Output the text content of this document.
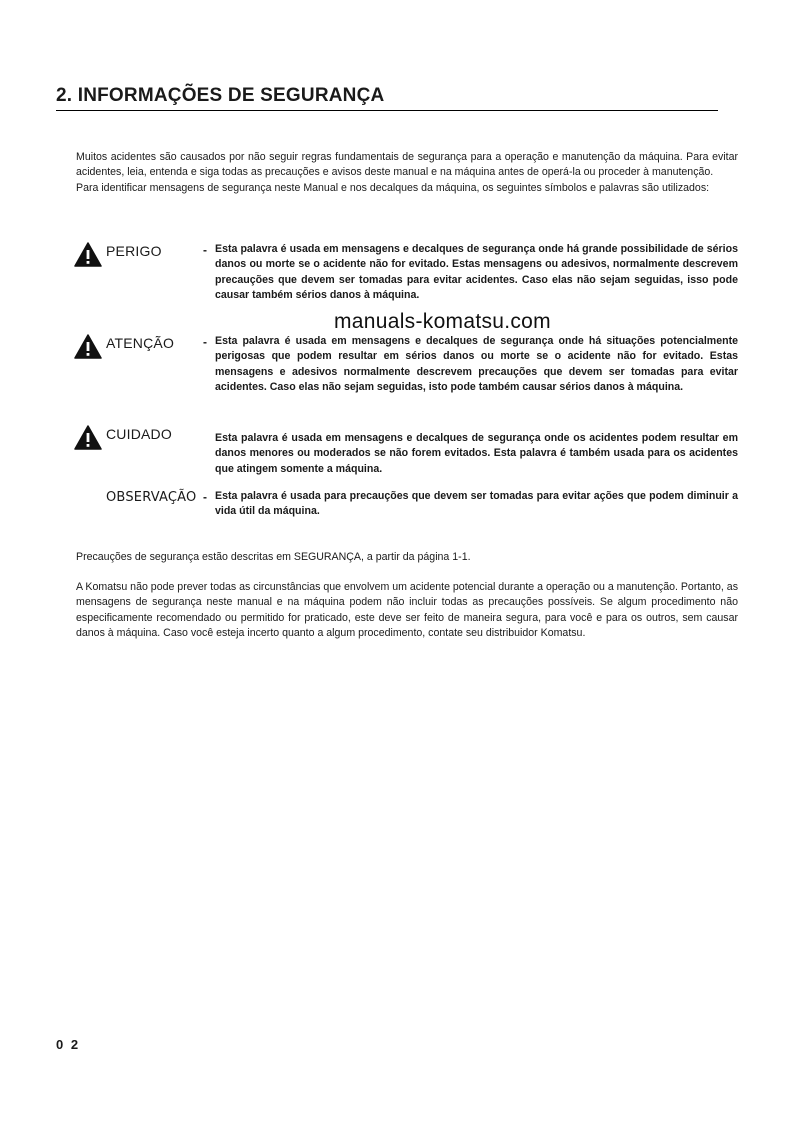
2. INFORMAÇÕES DE SEGURANÇA

Muitos acidentes são causados por não seguir regras fundamentais de segurança para a operação e manutenção da máquina. Para evitar acidentes, leia, entenda e siga todas as precauções e avisos deste manual e na máquina antes de operá-la ou proceder à manutenção.

Para identificar mensagens de segurança neste Manual e nos decalques da máquina, os seguintes símbolos e palavras são utilizados:

PERIGO	- Esta palavra é usada em mensagens e decalques de segurança onde há grande possibilidade de sérios danos ou morte se o acidente não for evitado. Estas mensagens ou adesivos, normalmente descrevem precauções que devem ser tomadas para evitar acidentes. Caso elas não sejam seguidas, isso pode causar também sérios danos à máquina.

ATENÇÃO - Esta palavra é usada em mensagens e decalques de segurança onde há situações potencialmente perigosas que podem resultar em sérios danos ou morte se o acidente não for evitado. Estas mensagens e adesivos normalmente descrevem precauções que devem ser tomadas para evitar acidentes. Caso elas não sejam seguidas, isto pode também causar sérios danos à máquina.

CUIDADO	Esta palavra é usada em mensagens e decalques de segurança onde os acidentes podem resultar em danos menores ou moderados se não forem evitados. Esta palavra é também usada para os acidentes que atingem somente a máquina.

OBSERVAÇÃO - Esta palavra é usada para precauções que devem ser tomadas para evitar ações que podem diminuir a vida útil da máquina.

manuals-komatsu.com

Precauções de segurança estão descritas em SEGURANÇA, a partir da página 1-1.

A Komatsu não pode prever todas as circunstâncias que envolvem um acidente potencial durante a operação ou a manutenção. Portanto, as mensagens de segurança neste manual e na máquina podem não incluir todas as precauções possíveis. Se algum procedimento não especificamente recomendado ou permitido for praticado, este deve ser feito de maneira segura, para você e para os outros, sem causar danos à máquina. Caso você esteja incerto quanto a algum procedimento, contate seu distribuidor Komatsu.

0 2
